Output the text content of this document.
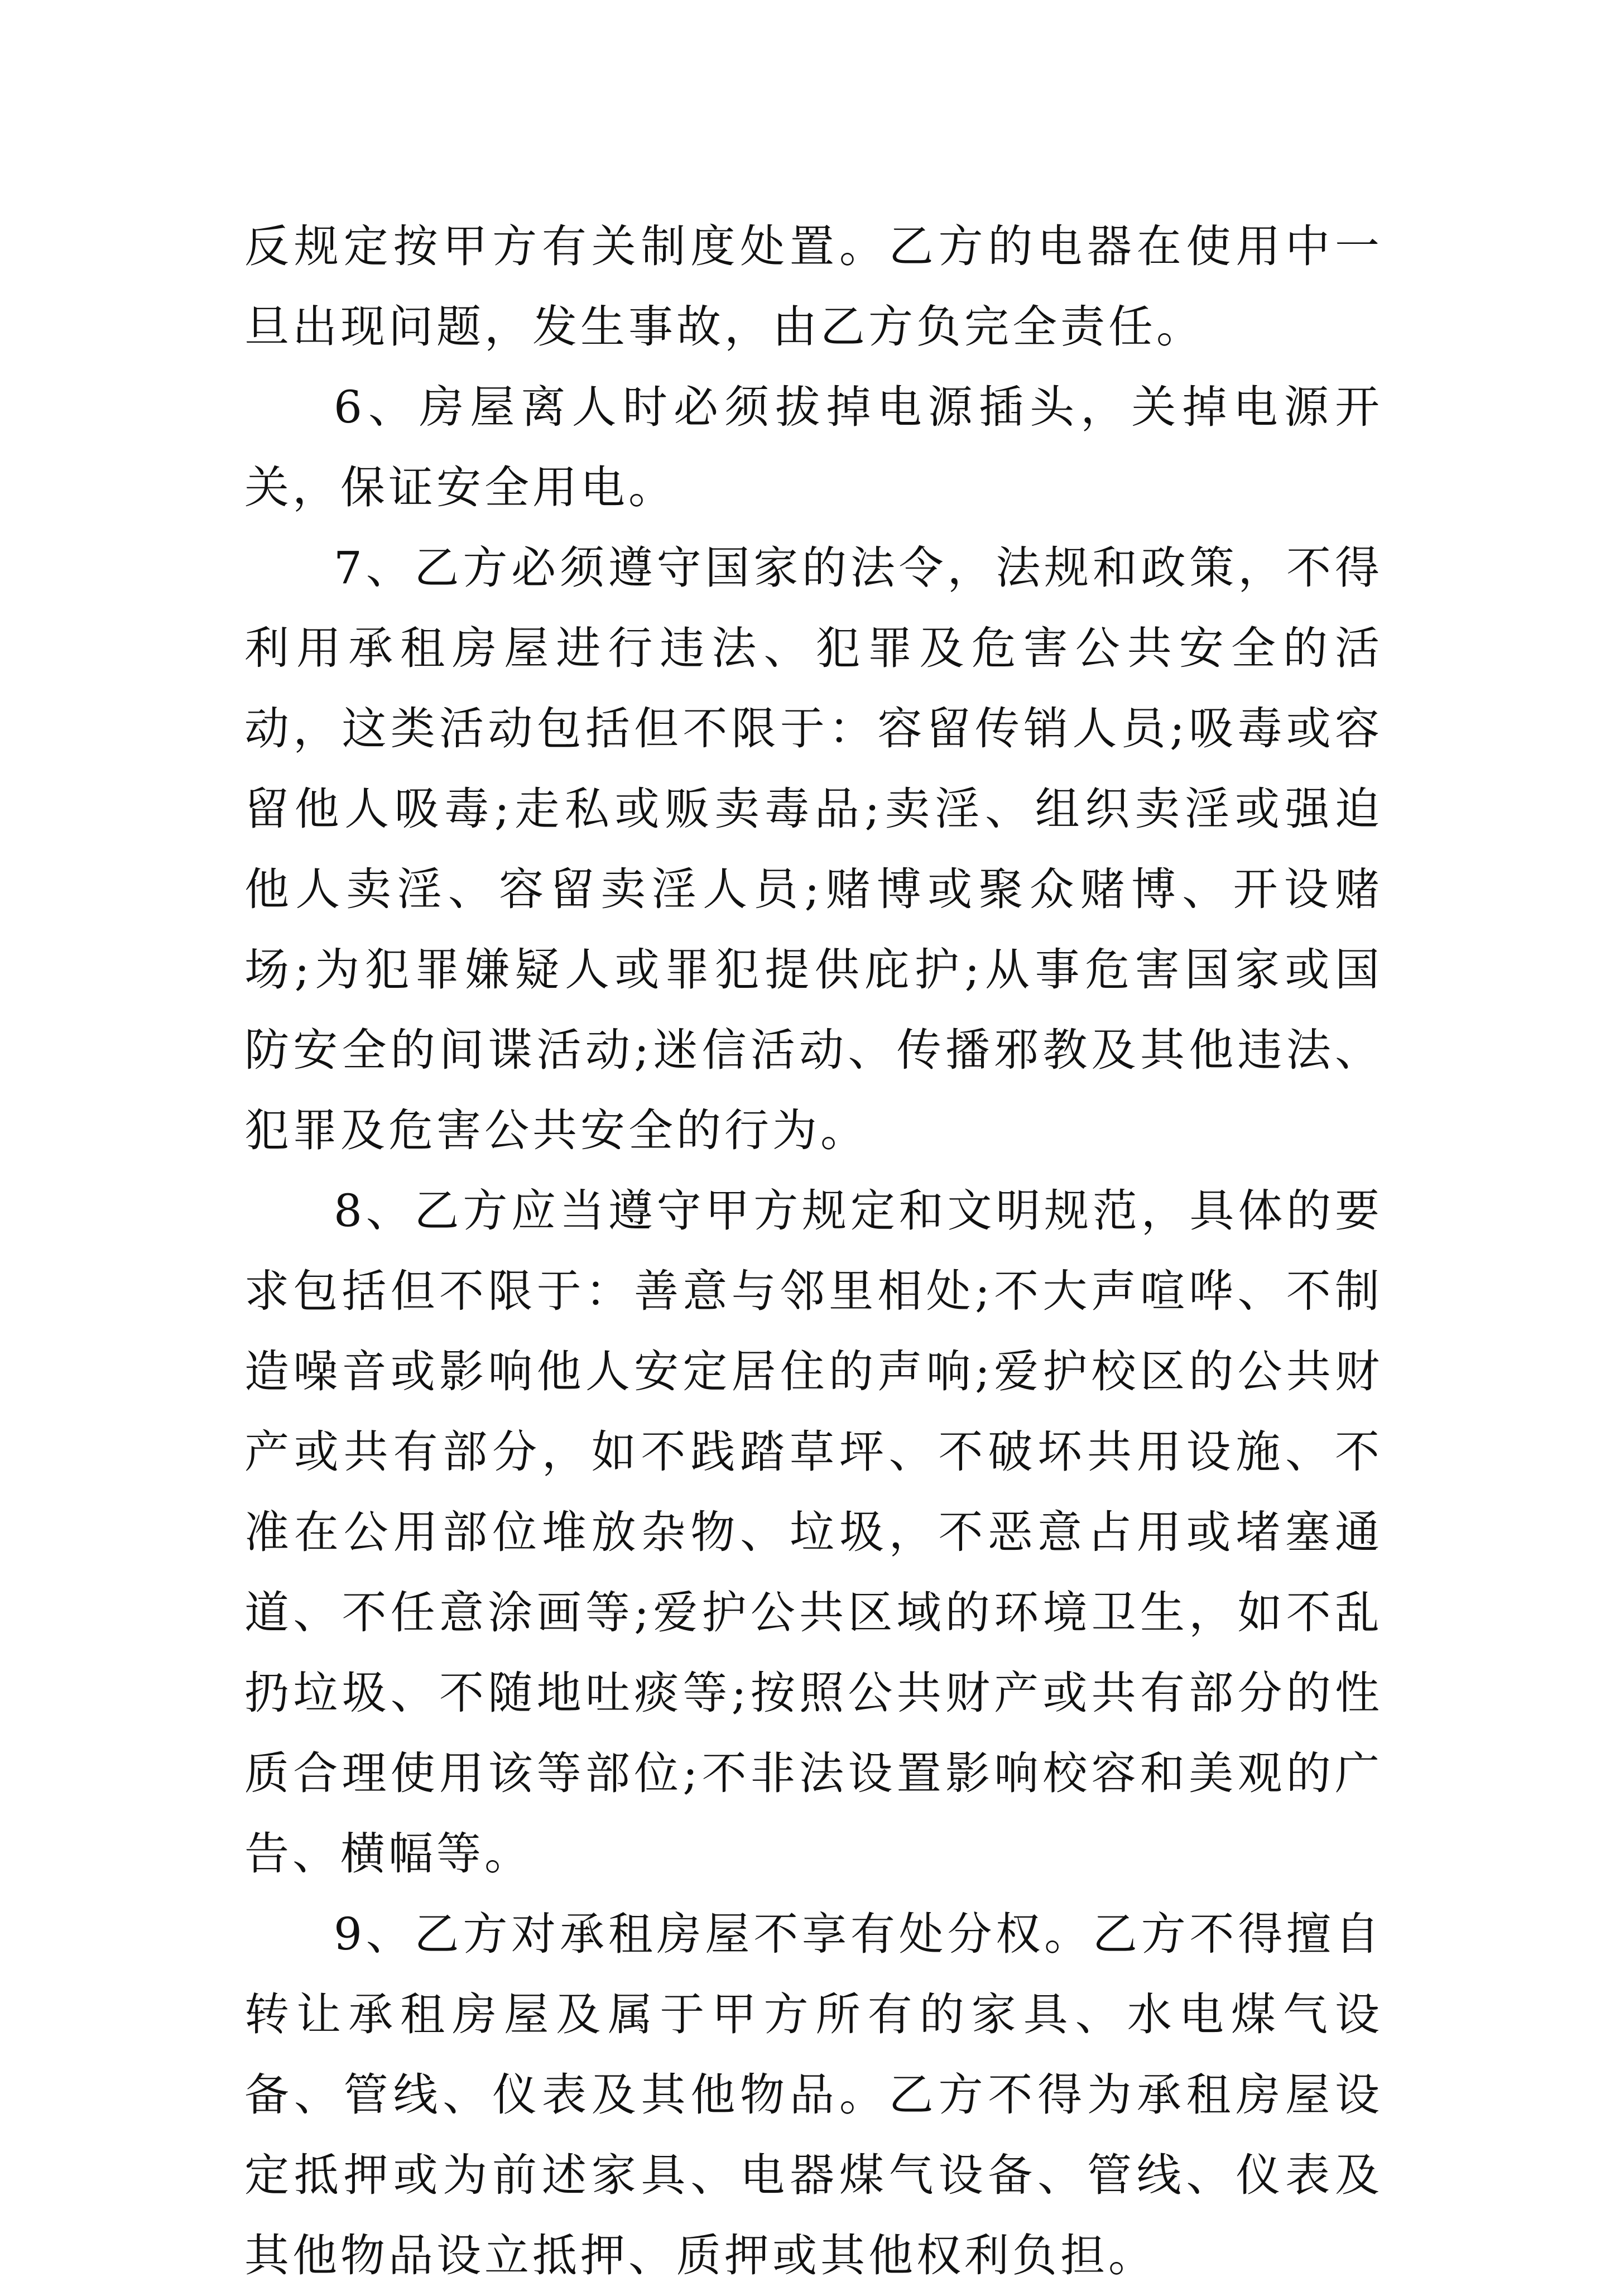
反规定按甲方有关制度处置。乙方的电器在使用中一旦出现问题，发生事故，由乙方负完全责任。

6、房屋离人时必须拔掉电源插头，关掉电源开关，保证安全用电。

7、乙方必须遵守国家的法令，法规和政策，不得利用承租房屋进行违法、犯罪及危害公共安全的活动，这类活动包括但不限于：容留传销人员;吸毒或容留他人吸毒;走私或贩卖毒品;卖淫、组织卖淫或强迫他人卖淫、容留卖淫人员;赌博或聚众赌博、开设赌场;为犯罪嫌疑人或罪犯提供庇护;从事危害国家或国防安全的间谍活动;迷信活动、传播邪教及其他违法、犯罪及危害公共安全的行为。

8、乙方应当遵守甲方规定和文明规范，具体的要求包括但不限于：善意与邻里相处;不大声喧哗、不制造噪音或影响他人安定居住的声响;爱护校区的公共财产或共有部分，如不践踏草坪、不破坏共用设施、不准在公用部位堆放杂物、垃圾，不恶意占用或堵塞通道、不任意涂画等;爱护公共区域的环境卫生，如不乱扔垃圾、不随地吐痰等;按照公共财产或共有部分的性质合理使用该等部位;不非法设置影响校容和美观的广告、横幅等。

9、乙方对承租房屋不享有处分权。乙方不得擅自转让承租房屋及属于甲方所有的家具、水电煤气设备、管线、仪表及其他物品。乙方不得为承租房屋设定抵押或为前述家具、电器煤气设备、管线、仪表及其他物品设立抵押、质押或其他权利负担。
